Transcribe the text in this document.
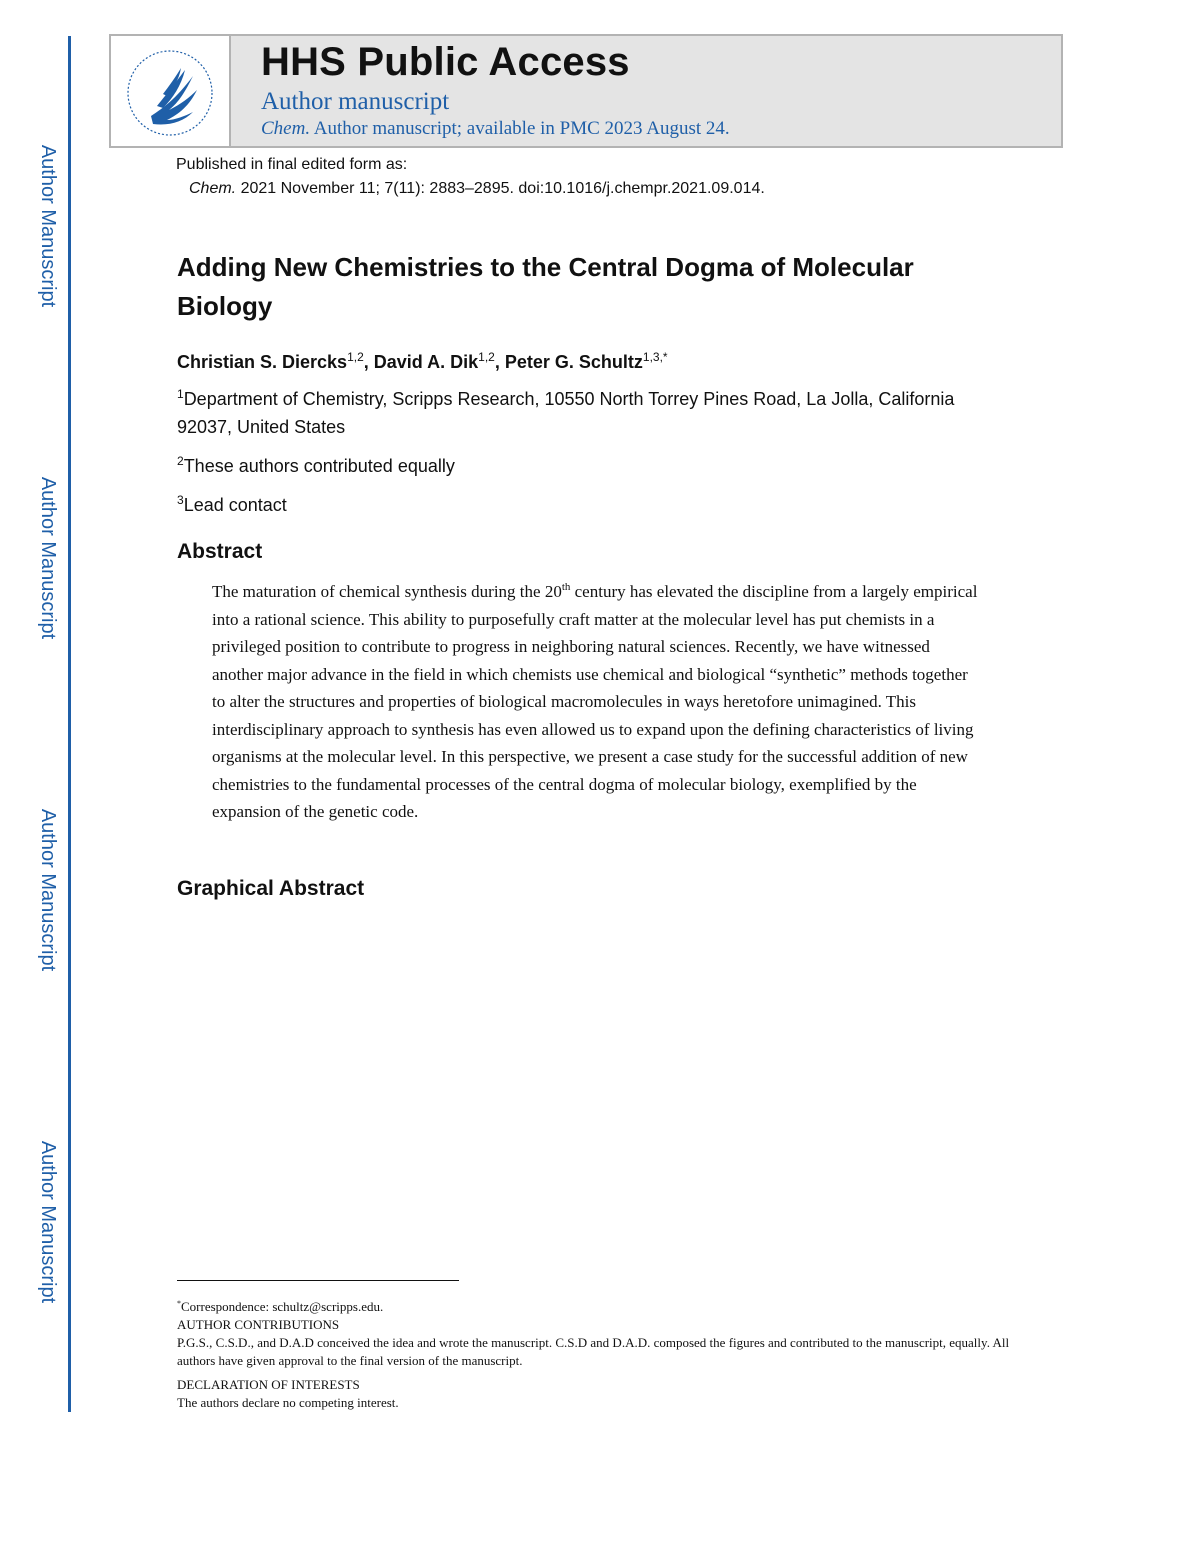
Author Manuscript
Author Manuscript
Author Manuscript
Author Manuscript
HHS Public Access
Author manuscript
Chem. Author manuscript; available in PMC 2023 August 24.
Published in final edited form as:
Chem. 2021 November 11; 7(11): 2883–2895. doi:10.1016/j.chempr.2021.09.014.
Adding New Chemistries to the Central Dogma of Molecular Biology
Christian S. Diercks$^{1,2}$, David A. Dik$^{1,2}$, Peter G. Schultz$^{1,3,*}$
$^1$Department of Chemistry, Scripps Research, 10550 North Torrey Pines Road, La Jolla, California 92037, United States
$^2$These authors contributed equally
$^3$Lead contact
Abstract
The maturation of chemical synthesis during the 20th century has elevated the discipline from a largely empirical into a rational science. This ability to purposefully craft matter at the molecular level has put chemists in a privileged position to contribute to progress in neighboring natural sciences. Recently, we have witnessed another major advance in the field in which chemists use chemical and biological “synthetic” methods together to alter the structures and properties of biological macromolecules in ways heretofore unimagined. This interdisciplinary approach to synthesis has even allowed us to expand upon the defining characteristics of living organisms at the molecular level. In this perspective, we present a case study for the successful addition of new chemistries to the fundamental processes of the central dogma of molecular biology, exemplified by the expansion of the genetic code.
Graphical Abstract
*Correspondence: schultz@scripps.edu.
AUTHOR CONTRIBUTIONS
P.G.S., C.S.D., and D.A.D conceived the idea and wrote the manuscript. C.S.D and D.A.D. composed the figures and contributed to the manuscript, equally. All authors have given approval to the final version of the manuscript.
DECLARATION OF INTERESTS
The authors declare no competing interest.
